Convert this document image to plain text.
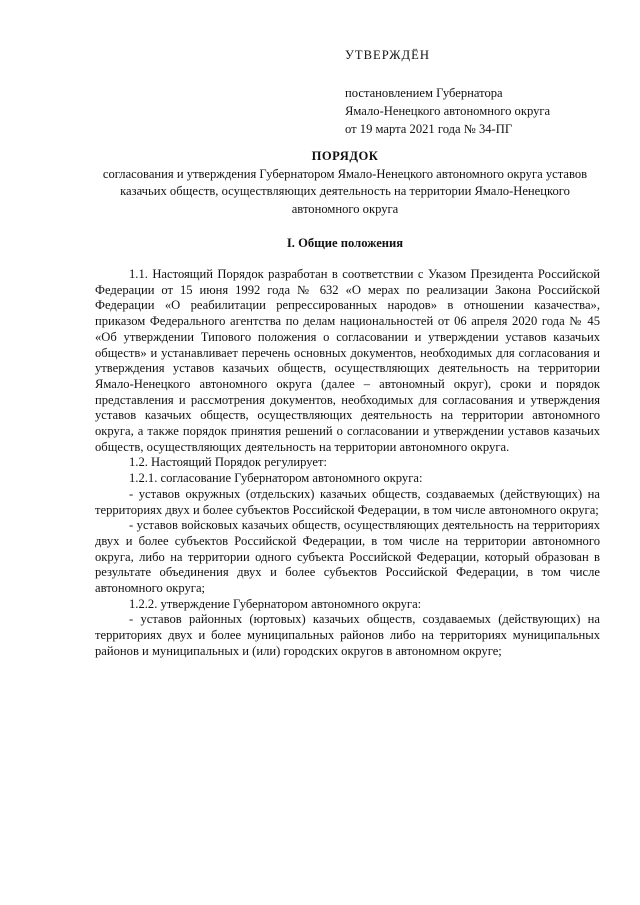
УТВЕРЖДЁН
постановлением Губернатора
Ямало-Ненецкого автономного округа
от 19 марта 2021 года № 34-ПГ
ПОРЯДОК
согласования и утверждения Губернатором Ямало-Ненецкого автономного округа уставов казачьих обществ, осуществляющих деятельность на территории Ямало-Ненецкого автономного округа
I. Общие положения

1.1. Настоящий Порядок разработан в соответствии с Указом Президента Российской Федерации от 15 июня 1992 года № 632 «О мерах по реализации Закона Российской Федерации «О реабилитации репрессированных народов» в отношении казачества», приказом Федерального агентства по делам национальностей от 06 апреля 2020 года № 45 «Об утверждении Типового положения о согласовании и утверждении уставов казачьих обществ» и устанавливает перечень основных документов, необходимых для согласования и утверждения уставов казачьих обществ, осуществляющих деятельность на территории Ямало-Ненецкого автономного округа (далее – автономный округ), сроки и порядок представления и рассмотрения документов, необходимых для согласования и утверждения уставов казачьих обществ, осуществляющих деятельность на территории автономного округа, а также порядок принятия решений о согласовании и утверждении уставов казачьих обществ, осуществляющих деятельность на территории автономного округа.

1.2. Настоящий Порядок регулирует:

1.2.1. согласование Губернатором автономного округа:

- уставов окружных (отдельских) казачьих обществ, создаваемых (действующих) на территориях двух и более субъектов Российской Федерации, в том числе автономного округа;

- уставов войсковых казачьих обществ, осуществляющих деятельность на территориях двух и более субъектов Российской Федерации, в том числе на территории автономного округа, либо на территории одного субъекта Российской Федерации, который образован в результате объединения двух и более субъектов Российской Федерации, в том числе автономного округа;

1.2.2. утверждение Губернатором автономного округа:

- уставов районных (юртовых) казачьих обществ, создаваемых (действующих) на территориях двух и более муниципальных районов либо на территориях муниципальных районов и муниципальных и (или) городских округов в автономном округе;
